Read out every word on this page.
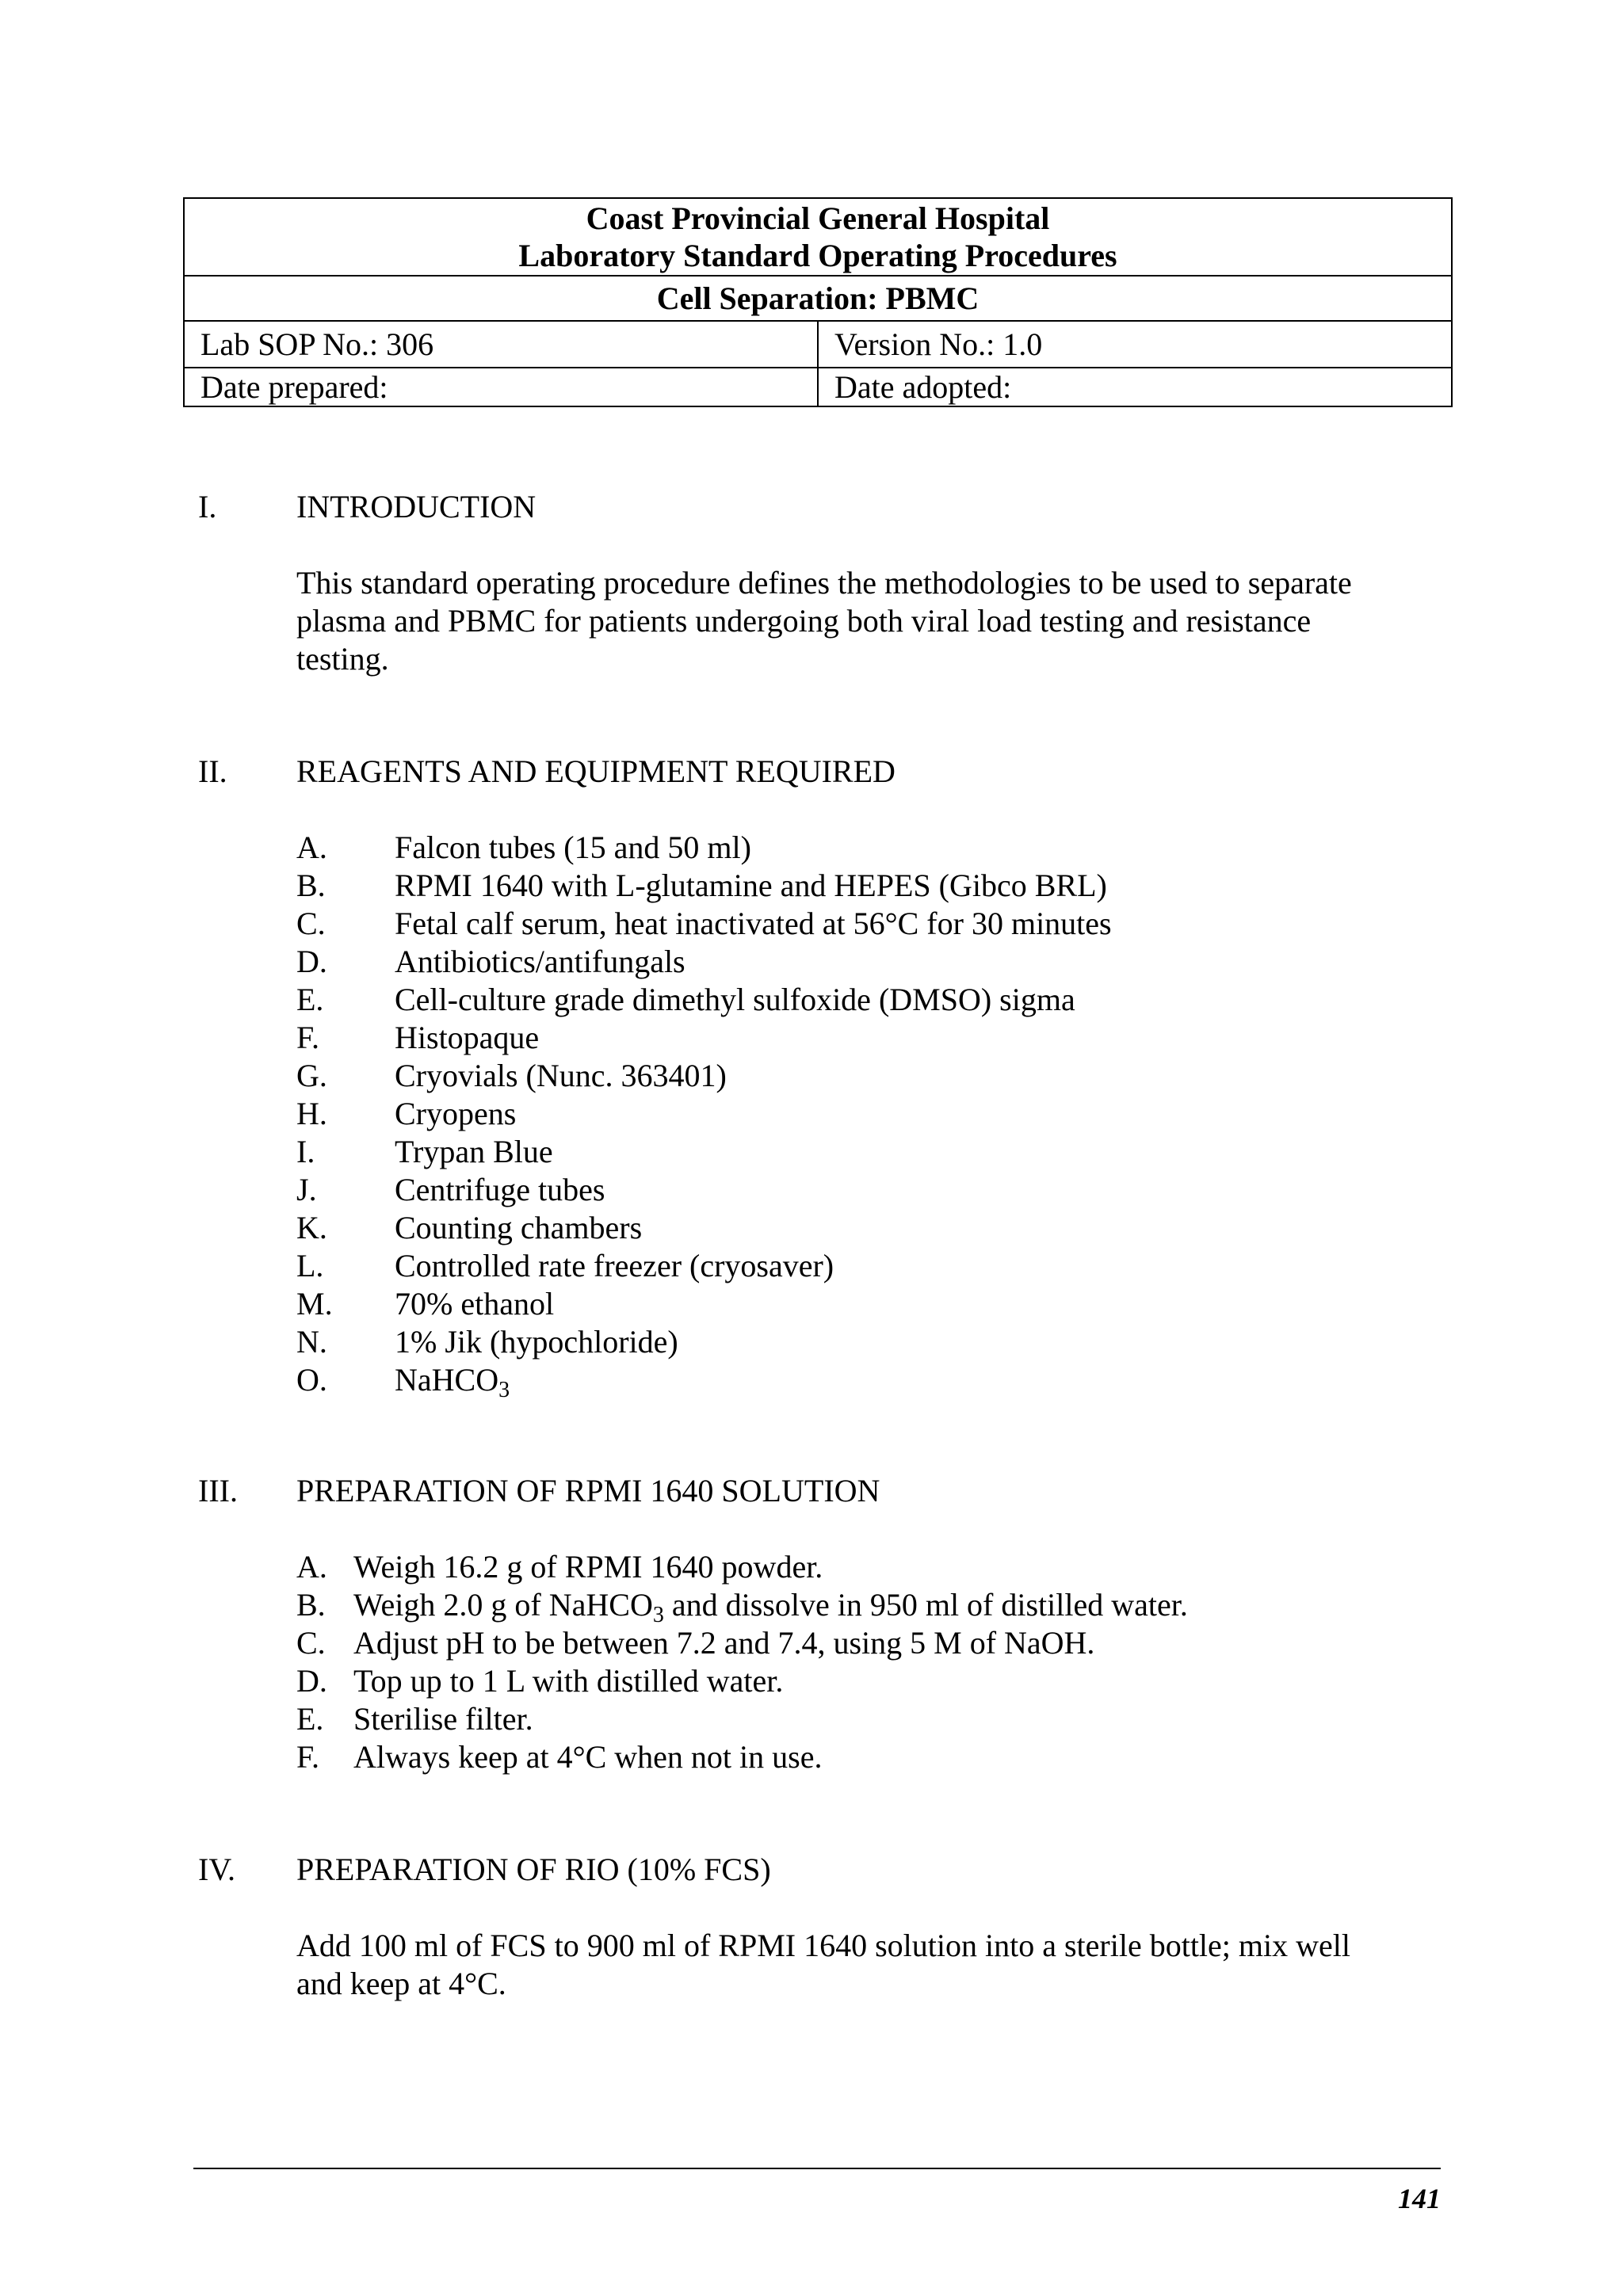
Coast Provincial General Hospital
Laboratory Standard Operating Procedures	

Cell Separation: PBMC	
Lab SOP No.: 306	Version No.: 1.0
Date prepared:	Date adopted:
I.	INTRODUCTION
This standard operating procedure defines the methodologies to be used to separate
plasma and PBMC for patients undergoing both viral load testing and resistance
testing.
II. REAGENTS AND EQUIPMENT REQUIRED
A. Falcon tubes (15 and 50 ml)
B. RPMI 1640 with L-glutamine and HEPES (Gibco BRL)
C. Fetal calf serum, heat inactivated at 56°C for 30 minutes
D. Antibiotics/antifungals
E. Cell-culture grade dimethyl sulfoxide (DMSO) sigma
F. Histopaque
G. Cryovials (Nunc. 363401)
H. Cryopens
I.	Trypan Blue
J. Centrifuge tubes
K. Counting chambers
L. Controlled rate freezer (cryosaver)
M. 70% ethanol
N. 1% Jik (hypochloride)
O. NaHCO$_3$
III. PREPARATION OF RPMI 1640 SOLUTION
A. Weigh 16.2 g of RPMI 1640 powder.
B. Weigh 2.0 g of NaHCO$_3$ and dissolve in 950 ml of distilled water.
C. Adjust pH to be between 7.2 and 7.4, using 5 M of NaOH.
D. Top up to 1 L with distilled water.
E. Sterilise filter.
F. Always keep at 4°C when not in use.
IV. PREPARATION OF RIO (10% FCS)
Add 100 ml of FCS to 900 ml of RPMI 1640 solution into a sterile bottle; mix well
and keep at 4°C.
141
